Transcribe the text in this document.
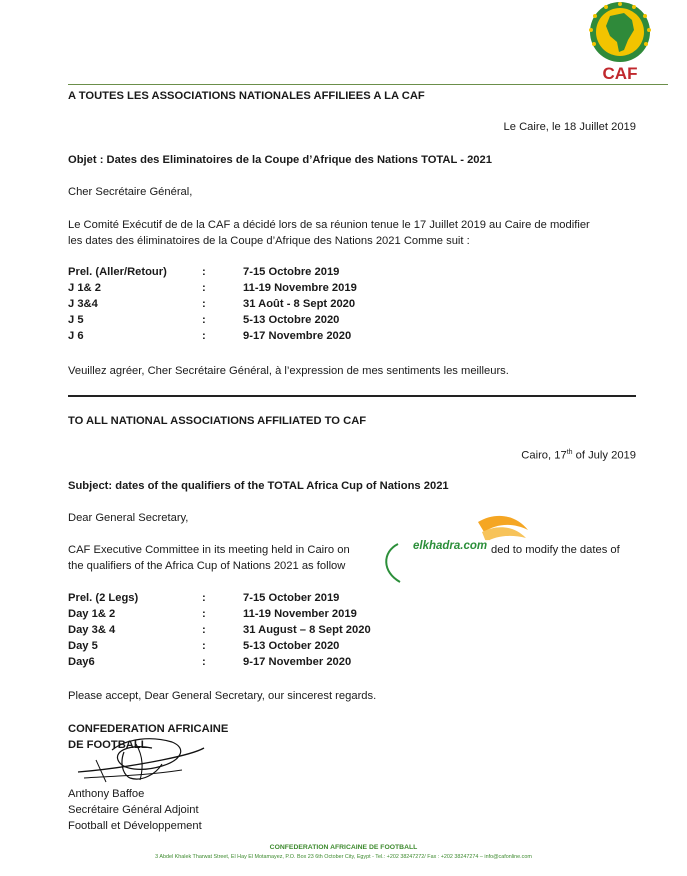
CAF
A TOUTES LES ASSOCIATIONS NATIONALES AFFILIEES A LA CAF
Le Caire, le 18 Juillet 2019
Objet : Dates des Eliminatoires de la Coupe d’Afrique des Nations TOTAL - 2021
Cher Secrétaire Général,
Le Comité Exécutif de de la CAF a décidé lors de sa réunion tenue le 17 Juillet 2019 au Caire de modifier
les dates des éliminatoires de la Coupe d’Afrique des Nations 2021 Comme suit :
Prel. (Aller/Retour)	:	7-15 Octobre 2019
J 1& 2	:	11-19 Novembre 2019
J 3&4	:	31 Août - 8 Sept 2020
J 5	:	5-13 Octobre 2020
J 6	:	9-17 Novembre 2020
Veuillez agréer, Cher Secrétaire Général, à l’expression de mes sentiments les meilleurs.
TO ALL NATIONAL ASSOCIATIONS AFFILIATED TO CAF
Cairo, 17th of July 2019
Subject: dates of the qualifiers of the TOTAL Africa Cup of Nations 2021
Dear General Secretary,
CAF Executive Committee in its meeting held in Cairo on	ded to modify the dates of
the qualifiers of the Africa Cup of Nations 2021 as follow
Prel. (2 Legs)	:	7-15 October 2019
Day 1& 2	:	11-19 November 2019
Day 3& 4	:	31 August – 8 Sept 2020
Day 5	:	5-13 October 2020
Day6	:	9-17 November 2020
Please accept, Dear General Secretary, our sincerest regards.
elkhadra.com
CONFEDERATION AFRICAINE
DE FOOTBALL
Anthony Baffoe
Secrétaire Général Adjoint
Football et Développement
CONFEDERATION AFRICAINE DE FOOTBALL
3 Abdel Khalek Tharwat Street, El Hay El Motamayez, P.O. Box 23 6th October City, Egypt - Tel.: +202 38247272/ Fax : +202 38247274 – info@cafonline.com
